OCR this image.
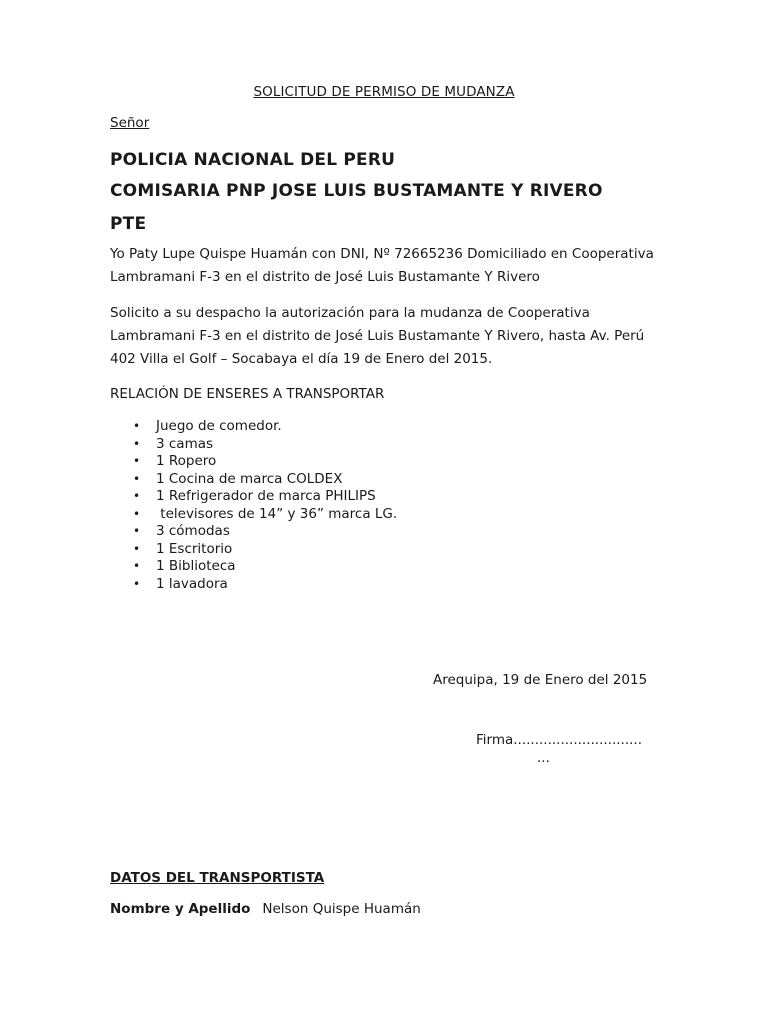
SOLICITUD DE PERMISO DE MUDANZA
Señor
POLICIA NACIONAL DEL PERU
COMISARIA PNP JOSE LUIS BUSTAMANTE Y RIVERO
PTE
Yo Paty Lupe Quispe Huamán con DNI, Nº 72665236 Domiciliado en Cooperativa Lambramani F-3 en el distrito de José Luis Bustamante Y Rivero
Solicito a su despacho la autorización para la mudanza de Cooperativa Lambramani F-3 en el distrito de José Luis Bustamante Y Rivero, hasta Av. Perú 402 Villa el Golf – Socabaya el día 19 de Enero del 2015.
RELACIÓN DE ENSERES A TRANSPORTAR
• Juego de comedor.
• 3 camas
• 1 Ropero
• 1 Cocina de marca COLDEX
• 1 Refrigerador de marca PHILIPS
• televisores de 14” y 36” marca LG.
• 3 cómodas
• 1 Escritorio
• 1 Biblioteca
• 1 lavadora
Arequipa, 19 de Enero del 2015
Firma..............................
...
DATOS DEL TRANSPORTISTA
Nombre y Apellido Nelson Quispe Huamán
